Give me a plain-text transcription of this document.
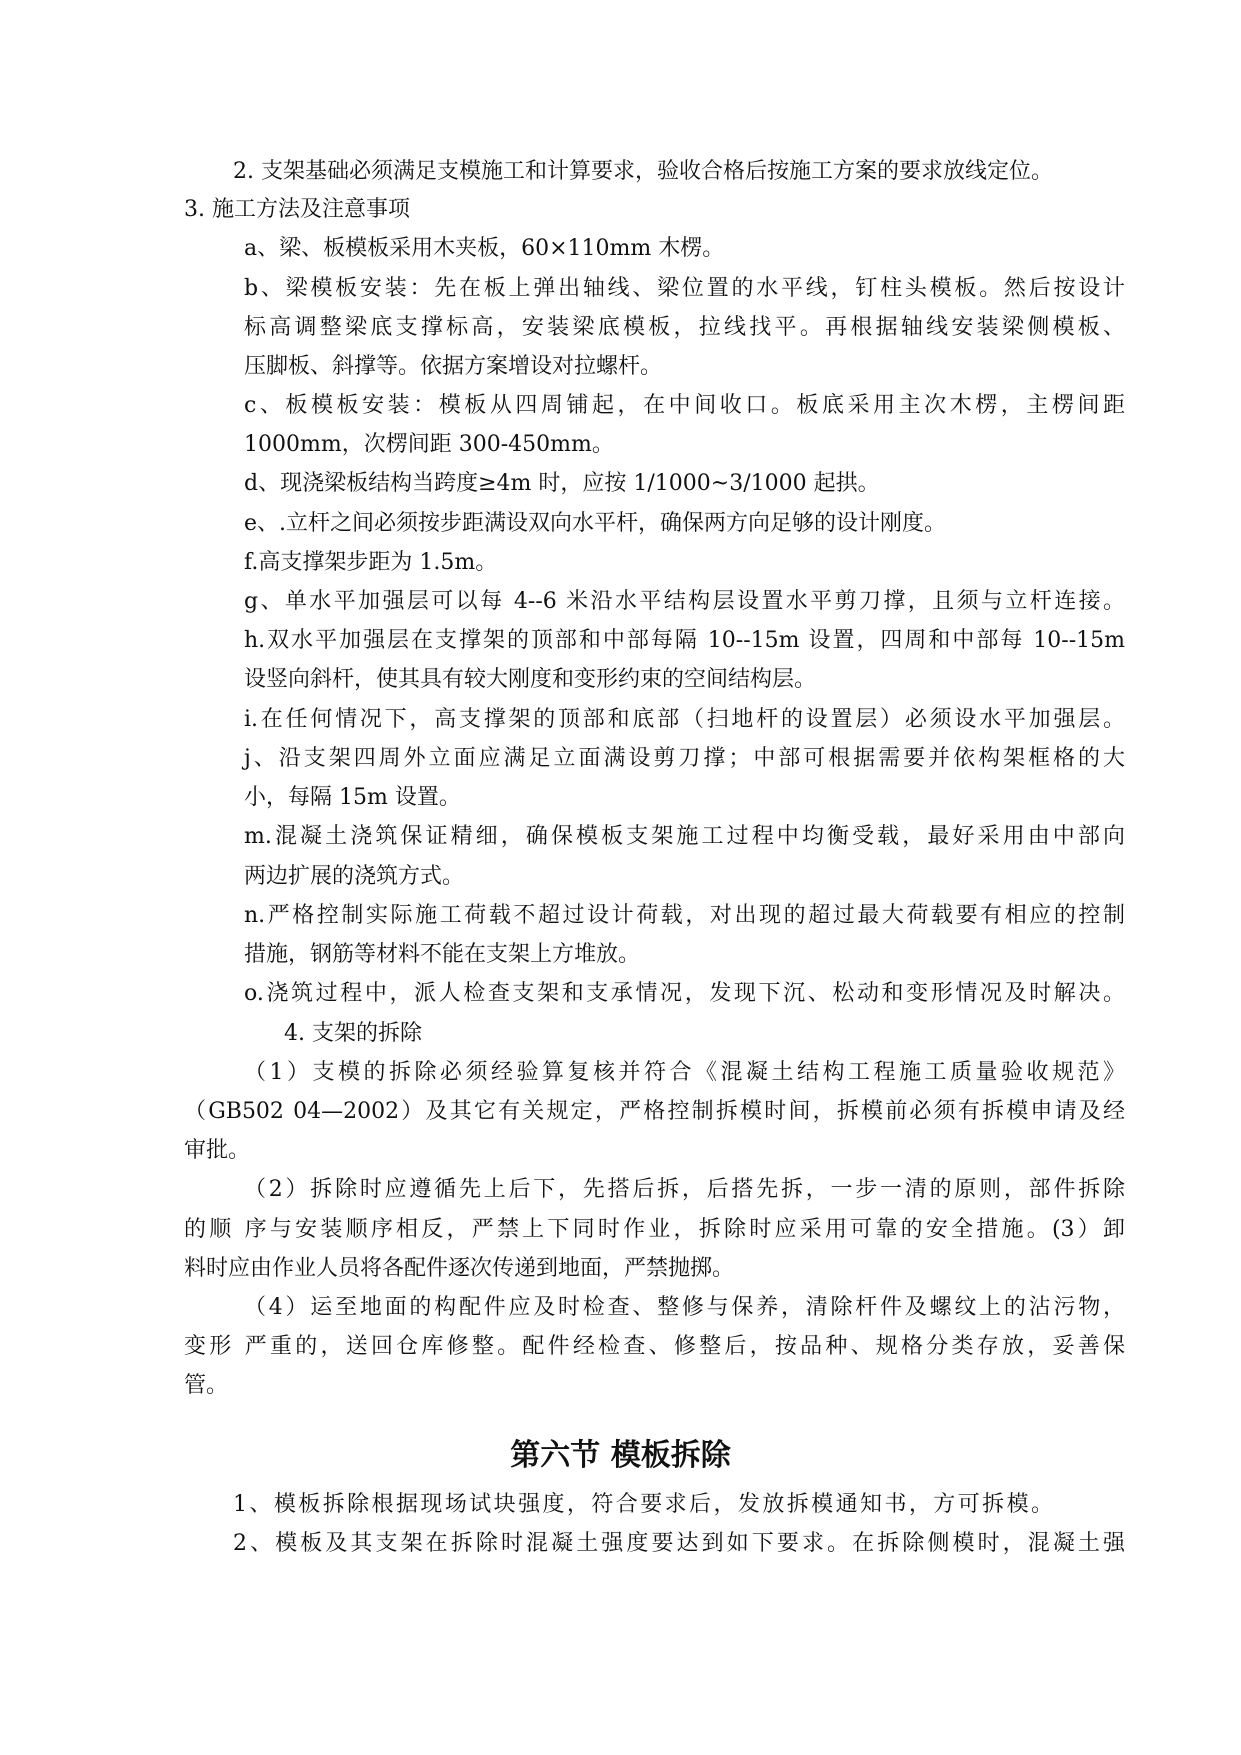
2. 支架基础必须满足支模施工和计算要求，验收合格后按施工方案的要求放线定位。
3. 施工方法及注意事项
a、梁、板模板采用木夹板，60×110mm 木楞。
b、梁模板安装：先在板上弹出轴线、梁位置的水平线，钉柱头模板。然后按设计
标高调整梁底支撑标高，安装梁底模板，拉线找平。再根据轴线安装梁侧模板、
压脚板、斜撑等。依据方案增设对拉螺杆。
c、板模板安装：模板从四周铺起，在中间收口。板底采用主次木楞，主楞间距
1000mm，次楞间距 300-450mm。
d、现浇梁板结构当跨度≥4m 时，应按 1/1000~3/1000 起拱。
e、.立杆之间必须按步距满设双向水平杆，确保两方向足够的设计刚度。
f.高支撑架步距为 1.5m。
g、单水平加强层可以每 4--6 米沿水平结构层设置水平剪刀撑，且须与立杆连接。
h.双水平加强层在支撑架的顶部和中部每隔 10--15m 设置，四周和中部每 10--15m
设竖向斜杆，使其具有较大刚度和变形约束的空间结构层。
i.在任何情况下，高支撑架的顶部和底部（扫地杆的设置层）必须设水平加强层。
j、沿支架四周外立面应满足立面满设剪刀撑；中部可根据需要并依构架框格的大
小，每隔 15m 设置。
m.混凝土浇筑保证精细，确保模板支架施工过程中均衡受载，最好采用由中部向
两边扩展的浇筑方式。
n.严格控制实际施工荷载不超过设计荷载，对出现的超过最大荷载要有相应的控制
措施，钢筋等材料不能在支架上方堆放。
o.浇筑过程中，派人检查支架和支承情况，发现下沉、松动和变形情况及时解决。
4. 支架的拆除
（1）支模的拆除必须经验算复核并符合《混凝土结构工程施工质量验收规范》
（GB502 04—2002）及其它有关规定，严格控制拆模时间，拆模前必须有拆模申请及经
审批。
（2）拆除时应遵循先上后下，先搭后拆，后搭先拆，一步一清的原则，部件拆除
的顺 序与安装顺序相反，严禁上下同时作业，拆除时应采用可靠的安全措施。(3）卸
料时应由作业人员将各配件逐次传递到地面，严禁抛掷。
（4）运至地面的构配件应及时检查、整修与保养，清除杆件及螺纹上的沾污物，
变形 严重的，送回仓库修整。配件经检查、修整后，按品种、规格分类存放，妥善保
管。
第六节 模板拆除
1、模板拆除根据现场试块强度，符合要求后，发放拆模通知书，方可拆模。
2、模板及其支架在拆除时混凝土强度要达到如下要求。在拆除侧模时，混凝土强
